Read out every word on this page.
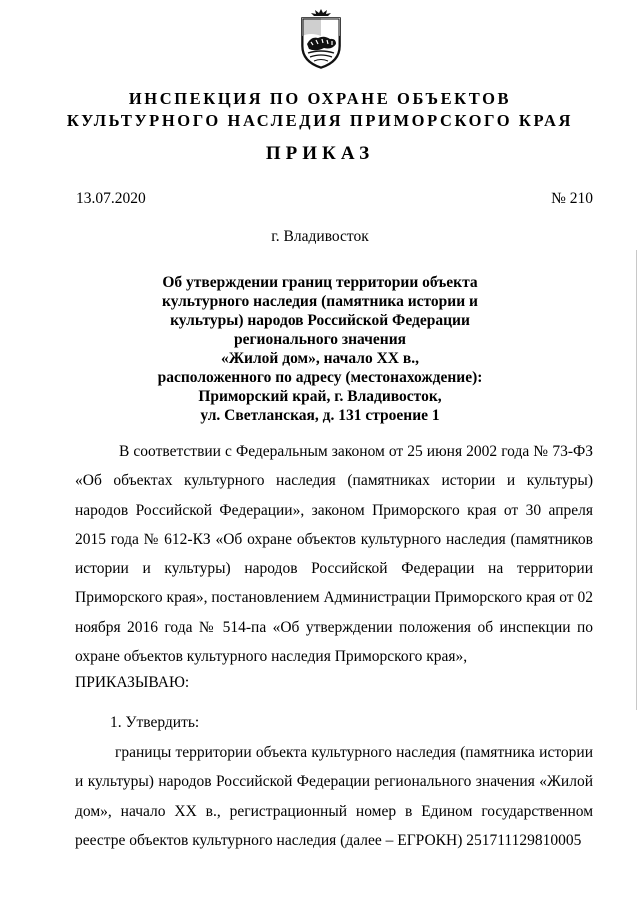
ИНСПЕКЦИЯ ПО ОХРАНЕ ОБЪЕКТОВ
КУЛЬТУРНОГО НАСЛЕДИЯ ПРИМОРСКОГО КРАЯ
ПРИКАЗ
13.07.2020	№ 210
г. Владивосток
Об утверждении границ территории объекта
культурного наследия (памятника истории и
культуры) народов Российской Федерации
регионального значения
«Жилой дом», начало XX в.,
расположенного по адресу (местонахождение):
Приморский край, г. Владивосток,
ул. Светланская, д. 131 строение 1
В соответствии с Федеральным законом от 25 июня 2002 года № 73-ФЗ «Об объектах культурного наследия (памятниках истории и культуры) народов Российской Федерации», законом Приморского края от 30 апреля 2015 года № 612-КЗ «Об охране объектов культурного наследия (памятников истории и культуры) народов Российской Федерации на территории Приморского края», постановлением Администрации Приморского края от 02 ноября 2016 года № 514-па «Об утверждении положения об инспекции по охране объектов культурного наследия Приморского края»,
ПРИКАЗЫВАЮ:
1. Утвердить:
границы территории объекта культурного наследия (памятника истории и культуры) народов Российской Федерации регионального значения «Жилой дом», начало XX в., регистрационный номер в Едином государственном реестре объектов культурного наследия (далее – ЕГРОКН) 251711129810005
